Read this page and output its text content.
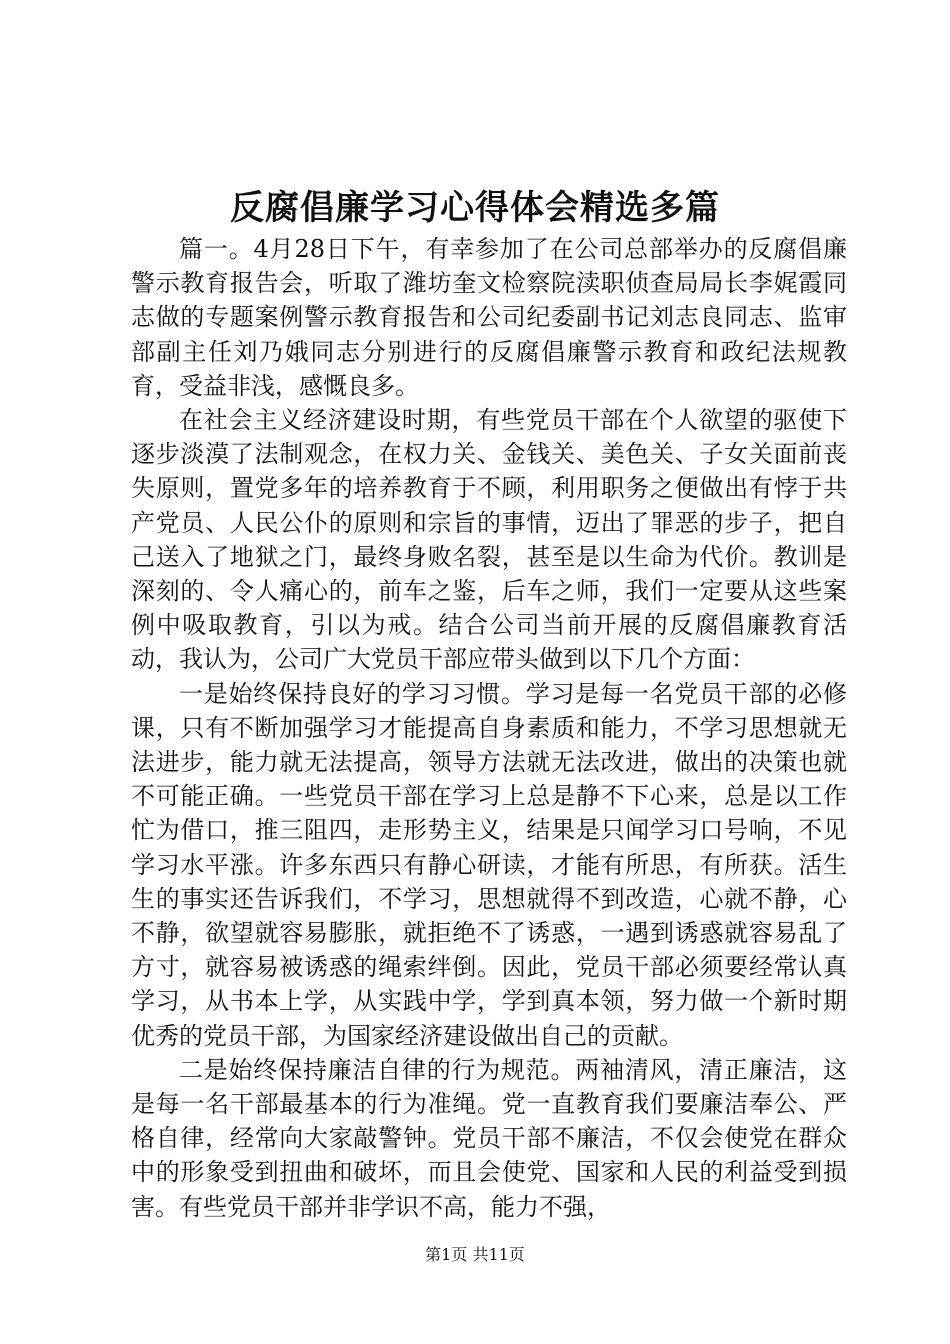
反腐倡廉学习心得体会精选多篇

篇一。4月28日下午，有幸参加了在公司总部举办的反腐倡廉警示教育报告会，听取了潍坊奎文检察院渎职侦查局局长李娓霞同志做的专题案例警示教育报告和公司纪委副书记刘志良同志、监审部副主任刘乃娥同志分别进行的反腐倡廉警示教育和政纪法规教育，受益非浅，感慨良多。

在社会主义经济建设时期，有些党员干部在个人欲望的驱使下逐步淡漠了法制观念，在权力关、金钱关、美色关、子女关面前丧失原则，置党多年的培养教育于不顾，利用职务之便做出有悖于共产党员、人民公仆的原则和宗旨的事情，迈出了罪恶的步子，把自己送入了地狱之门，最终身败名裂，甚至是以生命为代价。教训是深刻的、令人痛心的，前车之鉴，后车之师，我们一定要从这些案例中吸取教育，引以为戒。结合公司当前开展的反腐倡廉教育活动，我认为，公司广大党员干部应带头做到以下几个方面：

一是始终保持良好的学习习惯。学习是每一名党员干部的必修课，只有不断加强学习才能提高自身素质和能力，不学习思想就无法进步，能力就无法提高，领导方法就无法改进，做出的决策也就不可能正确。一些党员干部在学习上总是静不下心来，总是以工作忙为借口，推三阻四，走形势主义，结果是只闻学习口号响，不见学习水平涨。许多东西只有静心研读，才能有所思，有所获。活生生的事实还告诉我们，不学习，思想就得不到改造，心就不静，心不静，欲望就容易膨胀，就拒绝不了诱惑，一遇到诱惑就容易乱了方寸，就容易被诱惑的绳索绊倒。因此，党员干部必须要经常认真学习，从书本上学，从实践中学，学到真本领，努力做一个新时期优秀的党员干部，为国家经济建设做出自己的贡献。

二是始终保持廉洁自律的行为规范。两袖清风，清正廉洁，这是每一名干部最基本的行为准绳。党一直教育我们要廉洁奉公、严格自律，经常向大家敲警钟。党员干部不廉洁，不仅会使党在群众中的形象受到扭曲和破坏，而且会使党、国家和人民的利益受到损害。有些党员干部并非学识不高，能力不强，

第1页 共11页
